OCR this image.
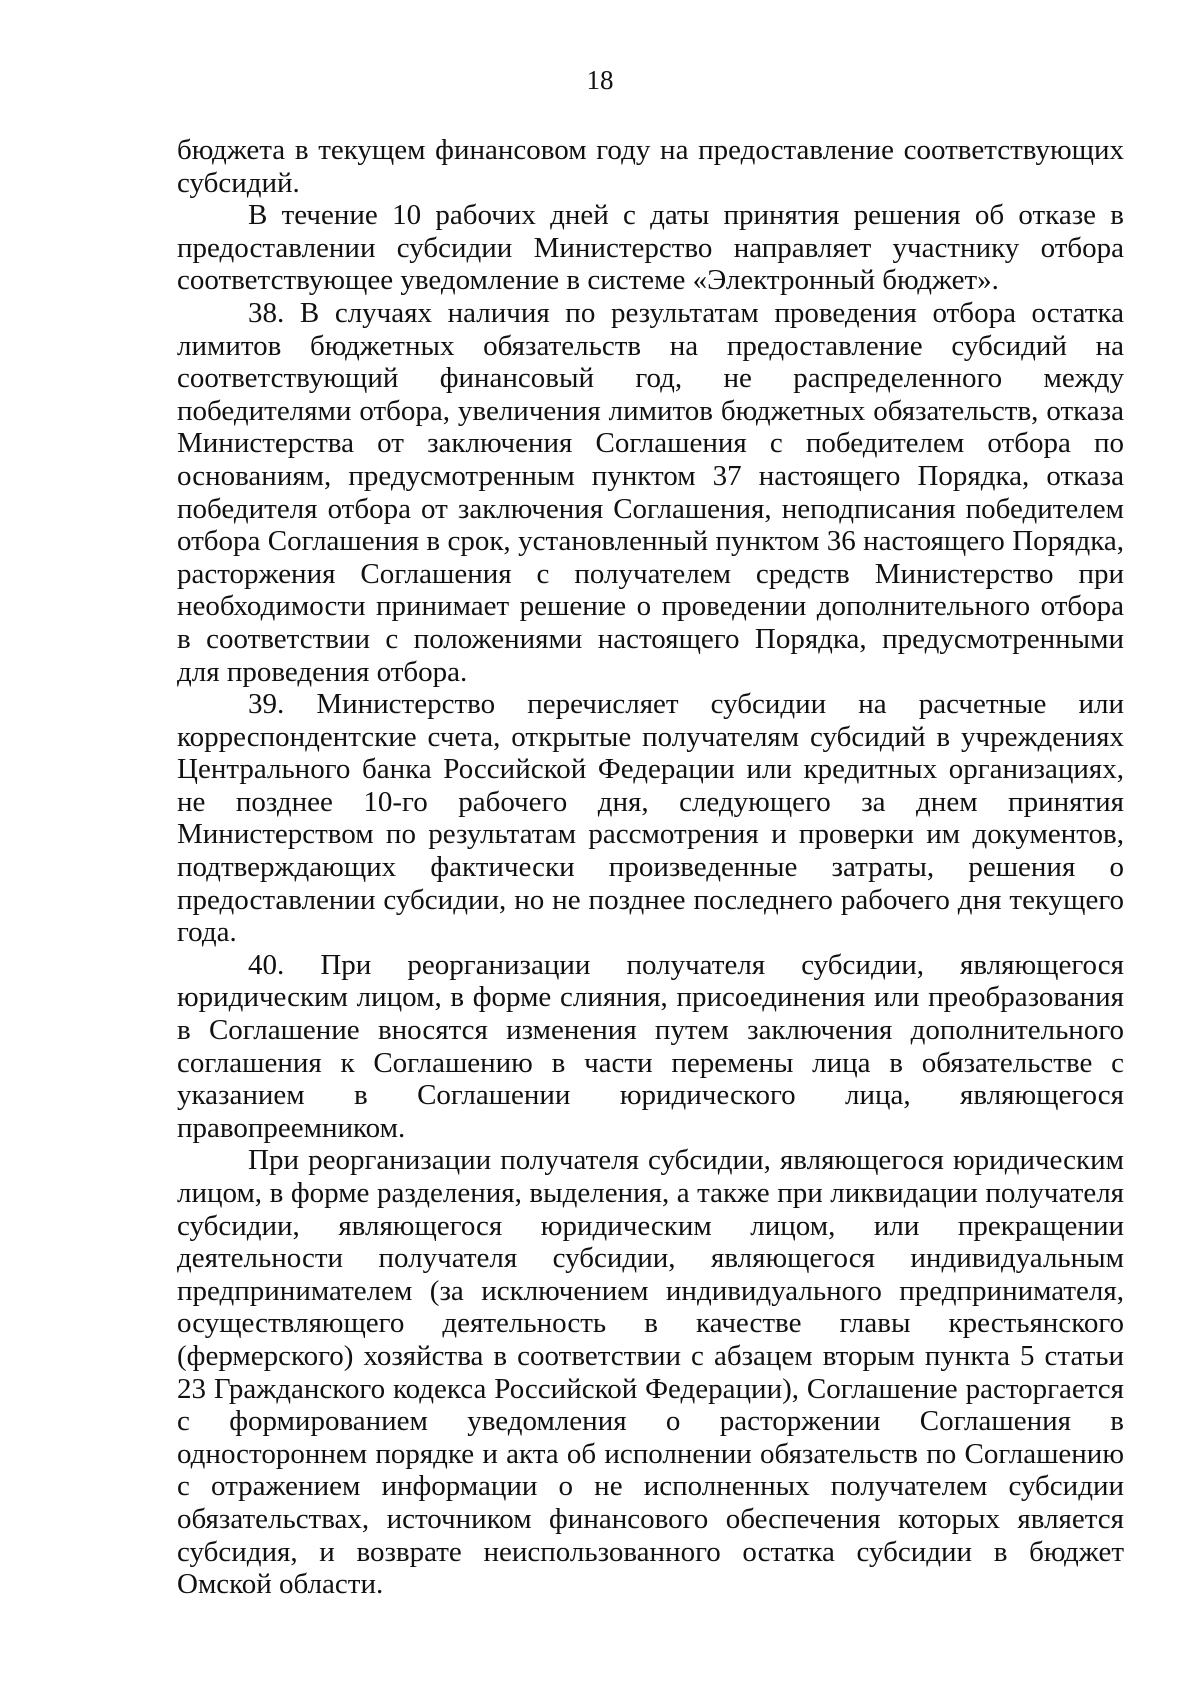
18

бюджета в текущем финансовом году на предоставление соответствующих субсидий.

В течение 10 рабочих дней с даты принятия решения об отказе в предоставлении субсидии Министерство направляет участнику отбора соответствующее уведомление в системе «Электронный бюджет».

38. В случаях наличия по результатам проведения отбора остатка лимитов бюджетных обязательств на предоставление субсидий на соответствующий финансовый год, не распределенного между победителями отбора, увеличения лимитов бюджетных обязательств, отказа Министерства от заключения Соглашения с победителем отбора по основаниям, предусмотренным пунктом 37 настоящего Порядка, отказа победителя отбора от заключения Соглашения, неподписания победителем отбора Соглашения в срок, установленный пунктом 36 настоящего Порядка, расторжения Соглашения с получателем средств Министерство при необходимости принимает решение о проведении дополнительного отбора в соответствии с положениями настоящего Порядка, предусмотренными для проведения отбора.

39. Министерство перечисляет субсидии на расчетные или корреспондентские счета, открытые получателям субсидий в учреждениях Центрального банка Российской Федерации или кредитных организациях, не позднее 10-го рабочего дня, следующего за днем принятия Министерством по результатам рассмотрения и проверки им документов, подтверждающих фактически произведенные затраты, решения о предоставлении субсидии, но не позднее последнего рабочего дня текущего года.

40. При реорганизации получателя субсидии, являющегося юридическим лицом, в форме слияния, присоединения или преобразования в Соглашение вносятся изменения путем заключения дополнительного соглашения к Соглашению в части перемены лица в обязательстве с указанием в Соглашении юридического лица, являющегося правопреемником.

При реорганизации получателя субсидии, являющегося юридическим лицом, в форме разделения, выделения, а также при ликвидации получателя субсидии, являющегося юридическим лицом, или прекращении деятельности получателя субсидии, являющегося индивидуальным предпринимателем (за исключением индивидуального предпринимателя, осуществляющего деятельность в качестве главы крестьянского (фермерского) хозяйства в соответствии с абзацем вторым пункта 5 статьи 23 Гражданского кодекса Российской Федерации), Соглашение расторгается с формированием уведомления о расторжении Соглашения в одностороннем порядке и акта об исполнении обязательств по Соглашению с отражением информации о не исполненных получателем субсидии обязательствах, источником финансового обеспечения которых является субсидия, и возврате неиспользованного остатка субсидии в бюджет Омской области.
